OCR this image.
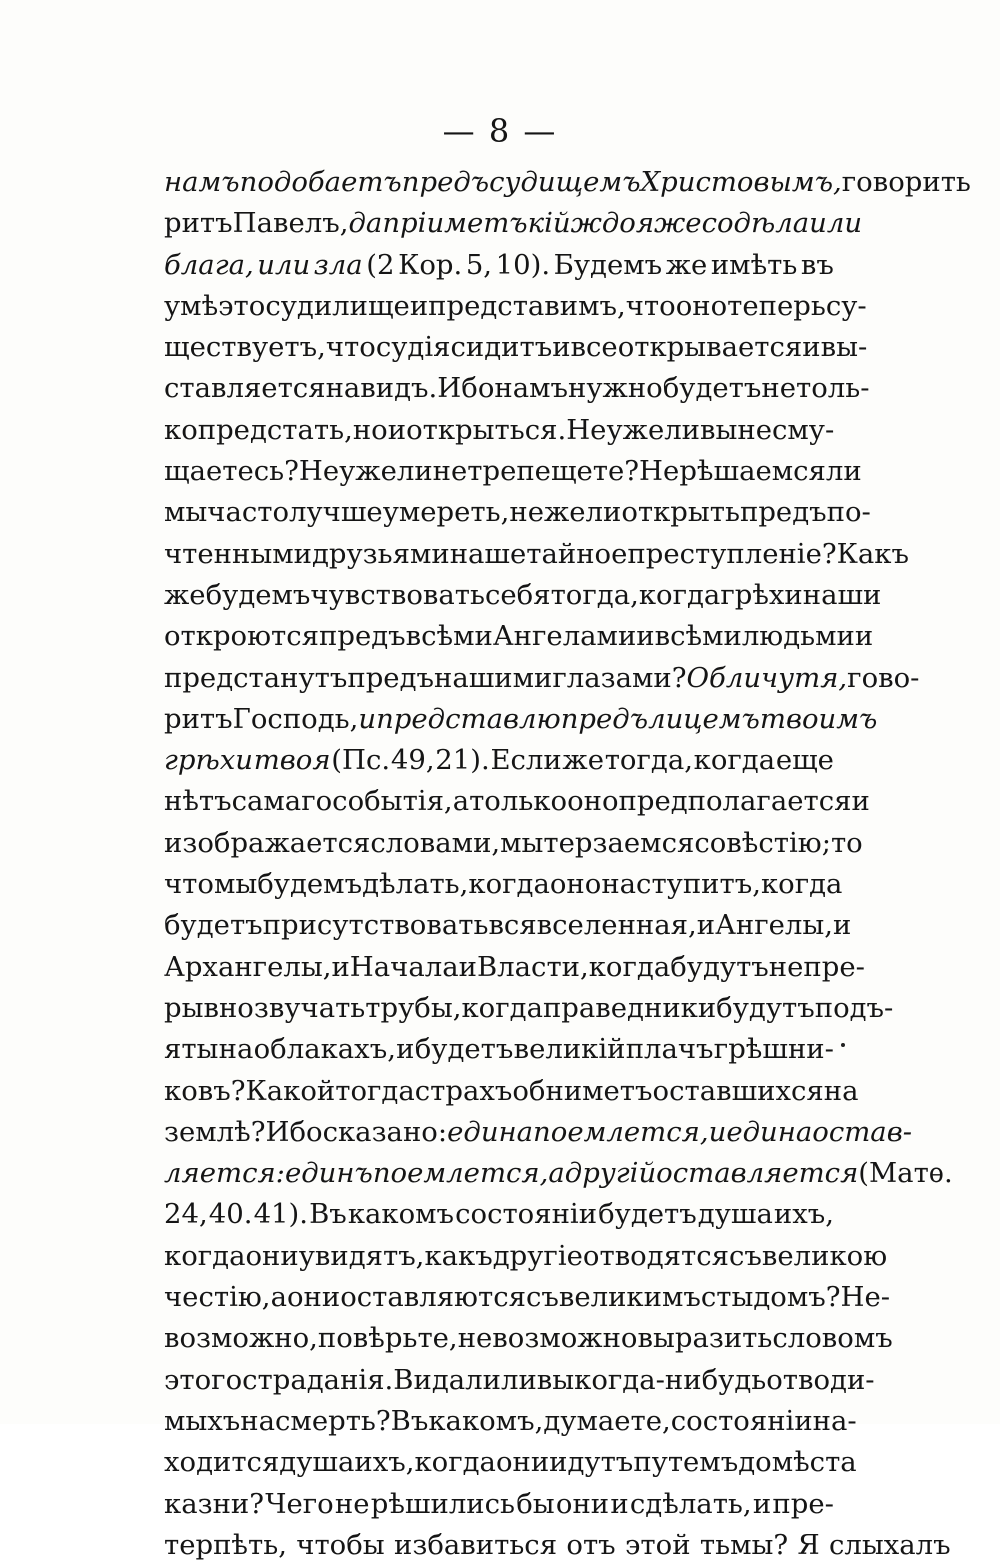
— 8 —
намъ подобаетъ предъ судищемъ Христовымъ, говорить
ритъ Павелъ, да пріиметъ кійждо яже содѣла или
блага, или зла (2 Кор. 5, 10). Будемъ же имѣть въ
умѣ это судилище и представимъ, что оно теперь су-
ществуетъ, что судія сидитъ и все открывается и вы-
ставляется на видъ. Ибо намъ нужно будетъ не толь-
ко предстать, но и открыться. Неужели вы не сму-
щаетесь? Неужели не трепещете? Не рѣшаемся ли
мы часто лучше умереть, нежели открыть предъ по-
чтенными друзьями наше тайное преступленіе? Какъ
же будемъ чувствовать себя тогда, когда грѣхи наши
откроются предъ всѣми Ангелами и всѣми людьми и
предстанутъ предъ нашими глазами? Обличу тя, гово-
ритъ Господь, и представлю предъ лицемъ твоимъ
грѣхи твоя (Пс. 49, 21). Если же тогда, когда еще
нѣтъ самаго событія, а только оно предполагается и
изображается словами, мы терзаемся совѣстію; то
что мы будемъ дѣлать, когда оно наступитъ, когда
будетъ присутствовать вся вселенная, и Ангелы, и
Архангелы, и Начала и Власти, когда будутъ непре-
рывно звучать трубы, когда праведники будутъ подъ-
яты на облакахъ, и будетъ великій плачъ грѣшни-
ковъ? Какой тогда страхъ обниметъ оставшихся на
землѣ? Ибо сказано: едина поемлется, и едина остав-
ляется: единъ поемлется, а другій оставляется (Матѳ.
24, 40. 41). Въ какомъ состояніи будетъ душа ихъ,
когда они увидятъ, какъ другіе отводятся съ великою
честію, а они оставляются съ великимъ стыдомъ? Не-
возможно, повѣрьте, невозможно выразить словомъ
этого страданія. Видали ли вы когда-нибудь отводи-
мыхъ на смерть? Въ какомъ, думаете, состояніи на-
ходится душа ихъ, когда они идутъ путемъ до мѣста
казни? Чего не рѣшились бы они и сдѣлать, и пре-
терпѣть, чтобы избавиться отъ этой тьмы? Я слыхалъ
